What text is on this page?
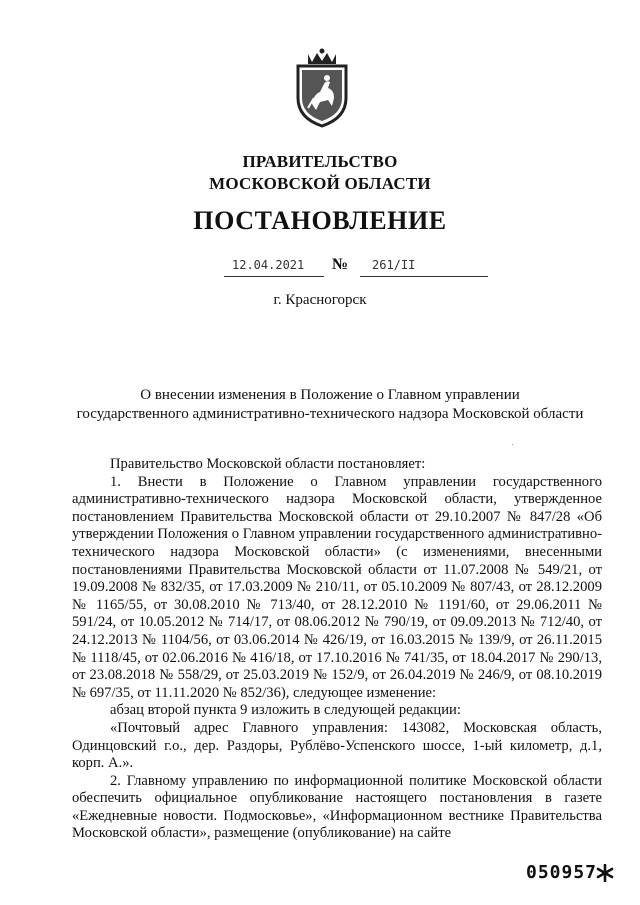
ПРАВИТЕЛЬСТВО
МОСКОВСКОЙ ОБЛАСТИ
ПОСТАНОВЛЕНИЕ
12.04.2021 № 261/II
г. Красногорск
О внесении изменения в Положение о Главном управлении
государственного административно-технического надзора Московской области

Правительство Московской области постановляет:

1. Внести в Положение о Главном управлении государственного административно-технического надзора Московской области, утвержденное постановлением Правительства Московской области от 29.10.2007 № 847/28 «Об утверждении Положения о Главном управлении государственного административно-технического надзора Московской области» (с изменениями, внесенными постановлениями Правительства Московской области от 11.07.2008 № 549/21, от 19.09.2008 № 832/35, от 17.03.2009 № 210/11, от 05.10.2009 № 807/43, от 28.12.2009 № 1165/55, от 30.08.2010 № 713/40, от 28.12.2010 № 1191/60, от 29.06.2011 № 591/24, от 10.05.2012 № 714/17, от 08.06.2012 № 790/19, от 09.09.2013 № 712/40, от 24.12.2013 № 1104/56, от 03.06.2014 № 426/19, от 16.03.2015 № 139/9, от 26.11.2015 № 1118/45, от 02.06.2016 № 416/18, от 17.10.2016 № 741/35, от 18.04.2017 № 290/13, от 23.08.2018 № 558/29, от 25.03.2019 № 152/9, от 26.04.2019 № 246/9, от 08.10.2019 № 697/35, от 11.11.2020 № 852/36), следующее изменение:

абзац второй пункта 9 изложить в следующей редакции:

«Почтовый адрес Главного управления: 143082, Московская область, Одинцовский г.о., дер. Раздоры, Рублёво-Успенского шоссе, 1-ый километр, д.1, корп. А.».

2. Главному управлению по информационной политике Московской области обеспечить официальное опубликование настоящего постановления в газете «Ежедневные новости. Подмосковье», «Информационном вестнике Правительства Московской области», размещение (опубликование) на сайте

050957
